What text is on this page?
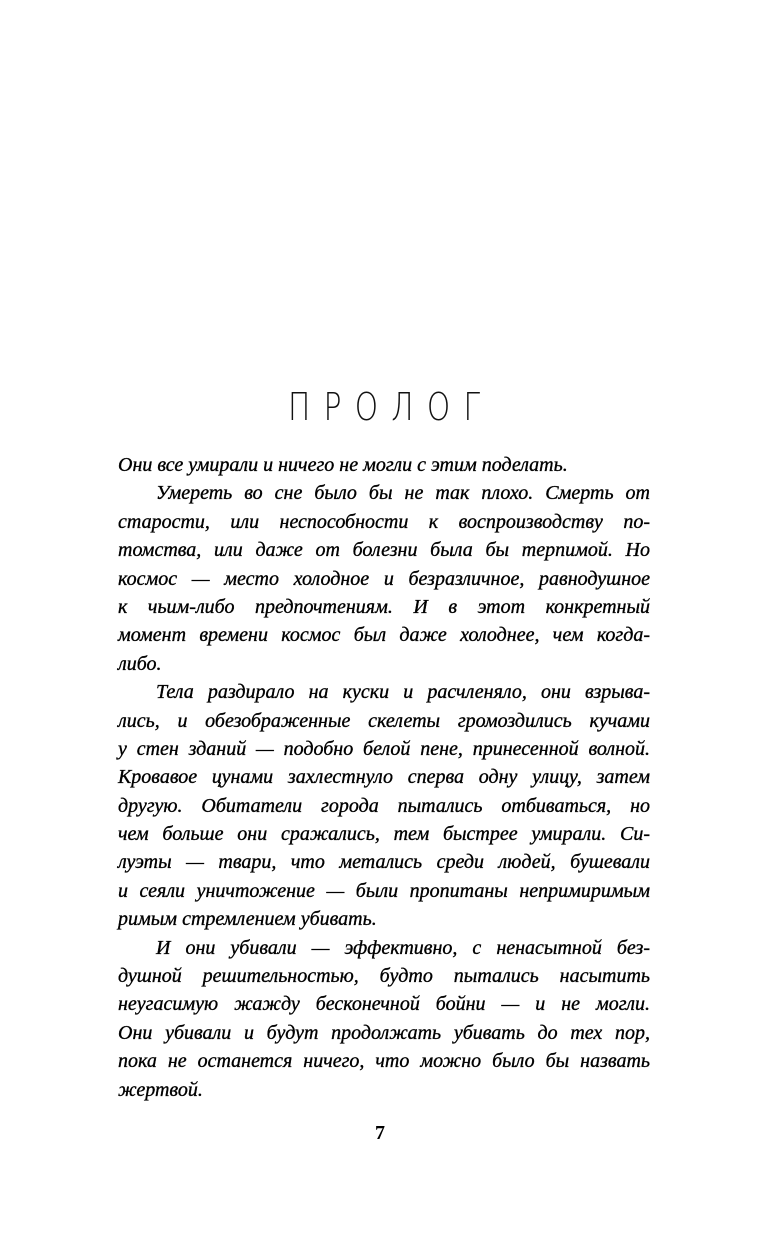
ПРОЛОГ
Они все умирали и ничего не могли с этим поделать.
Умереть во сне было бы не так плохо. Смерть от
старости, или неспособности к воспроизводству по-
томства, или даже от болезни была бы терпимой. Но
космос — место холодное и безразличное, равнодушное
к чьим-либо предпочтениям. И в этот конкретный
момент времени космос был даже холоднее, чем когда-
либо.
Тела раздирало на куски и расчленяло, они взрыва-
лись, и обезображенные скелеты громоздились кучами
у стен зданий — подобно белой пене, принесенной волной.
Кровавое цунами захлестнуло сперва одну улицу, затем
другую. Обитатели города пытались отбиваться, но
чем больше они сражались, тем быстрее умирали. Си-
луэты — твари, что метались среди людей, бушевали
и сеяли уничтожение — были пропитаны непримиримым
римым стремлением убивать.
И они убивали — эффективно, с ненасытной без-
душной решительностью, будто пытались насытить
неугасимую жажду бесконечной бойни — и не могли.
Они убивали и будут продолжать убивать до тех пор,
пока не останется ничего, что можно было бы назвать
жертвой.
7
